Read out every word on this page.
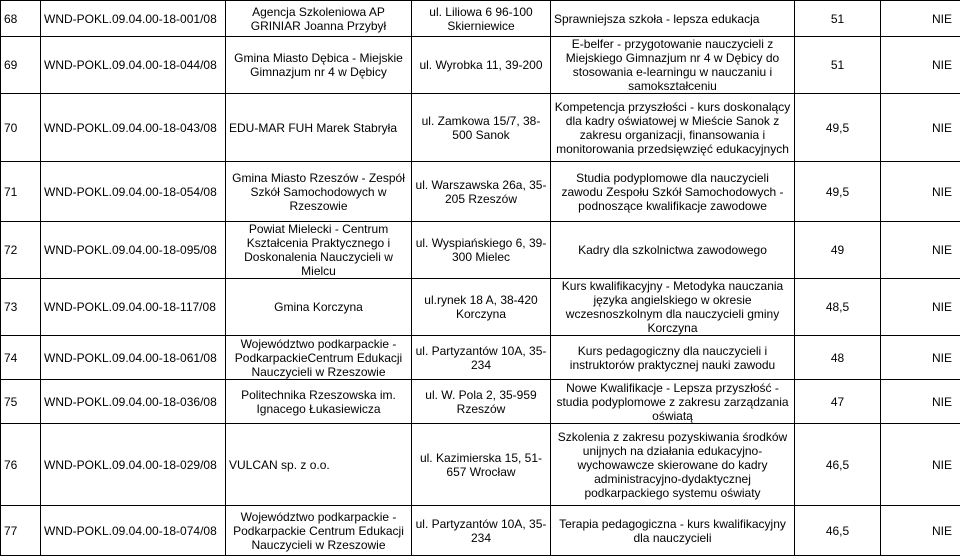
68	WND-POKL.09.04.00-18-001/08	Agencja Szkoleniowa AP GRINIAR Joanna Przybył	ul. Liliowa 6 96-100 Skierniewice	Sprawniejsza szkoła - lepsza edukacja	51	NIE
69	WND-POKL.09.04.00-18-044/08	Gmina Miasto Dębica - Miejskie Gimnazjum nr 4 w Dębicy	ul. Wyrobka 11, 39-200	E-belfer - przygotowanie nauczycieli z Miejskiego Gimnazjum nr 4 w Dębicy do stosowania e-learningu w nauczaniu i samokształceniu	51	NIE
70	WND-POKL.09.04.00-18-043/08	EDU-MAR FUH Marek Stabryła	ul. Zamkowa 15/7, 38-500 Sanok	Kompetencja przyszłości - kurs doskonalący dla kadry oświatowej w Mieście Sanok z zakresu organizacji, finansowania i monitorowania przedsięwzięć edukacyjnych	49,5	NIE
71	WND-POKL.09.04.00-18-054/08	Gmina Miasto Rzeszów - Zespół Szkół Samochodowych w Rzeszowie	ul. Warszawska 26a, 35-205 Rzeszów	Studia podyplomowe dla nauczycieli zawodu Zespołu Szkół Samochodowych - podnoszące kwalifikacje zawodowe	49,5	NIE
72	WND-POKL.09.04.00-18-095/08	Powiat Mielecki - Centrum Kształcenia Praktycznego i Doskonalenia Nauczycieli w Mielcu	ul. Wyspiańskiego 6, 39-300 Mielec	Kadry dla szkolnictwa zawodowego	49	NIE
73	WND-POKL.09.04.00-18-117/08	Gmina Korczyna	ul.rynek 18 A, 38-420 Korczyna	Kurs kwalifikacyjny - Metodyka nauczania języka angielskiego w okresie wczesnoszkolnym dla nauczycieli gminy Korczyna	48,5	NIE
74	WND-POKL.09.04.00-18-061/08	Województwo podkarpackie - PodkarpackieCentrum Edukacji Nauczycieli w Rzeszowie	ul. Partyzantów 10A, 35-234	Kurs pedagogiczny dla nauczycieli i instruktorów praktycznej nauki zawodu	48	NIE
75	WND-POKL.09.04.00-18-036/08	Politechnika Rzeszowska im. Ignacego Łukasiewicza	ul. W. Pola 2, 35-959 Rzeszów	Nowe Kwalifikacje - Lepsza przyszłość - studia podyplomowe z zakresu zarządzania oświatą	47	NIE
76	WND-POKL.09.04.00-18-029/08	VULCAN sp. z o.o.	ul. Kazimierska 15, 51-657 Wrocław	Szkolenia z zakresu pozyskiwania środków unijnych na działania edukacyjno-wychowawcze skierowane do kadry administracyjno-dydaktycznej podkarpackiego systemu oświaty	46,5	NIE
77	WND-POKL.09.04.00-18-074/08	Województwo podkarpackie - Podkarpackie Centrum Edukacji Nauczycieli w Rzeszowie	ul. Partyzantów 10A, 35-234	Terapia pedagogiczna - kurs kwalifikacyjny dla nauczycieli	46,5	NIE
